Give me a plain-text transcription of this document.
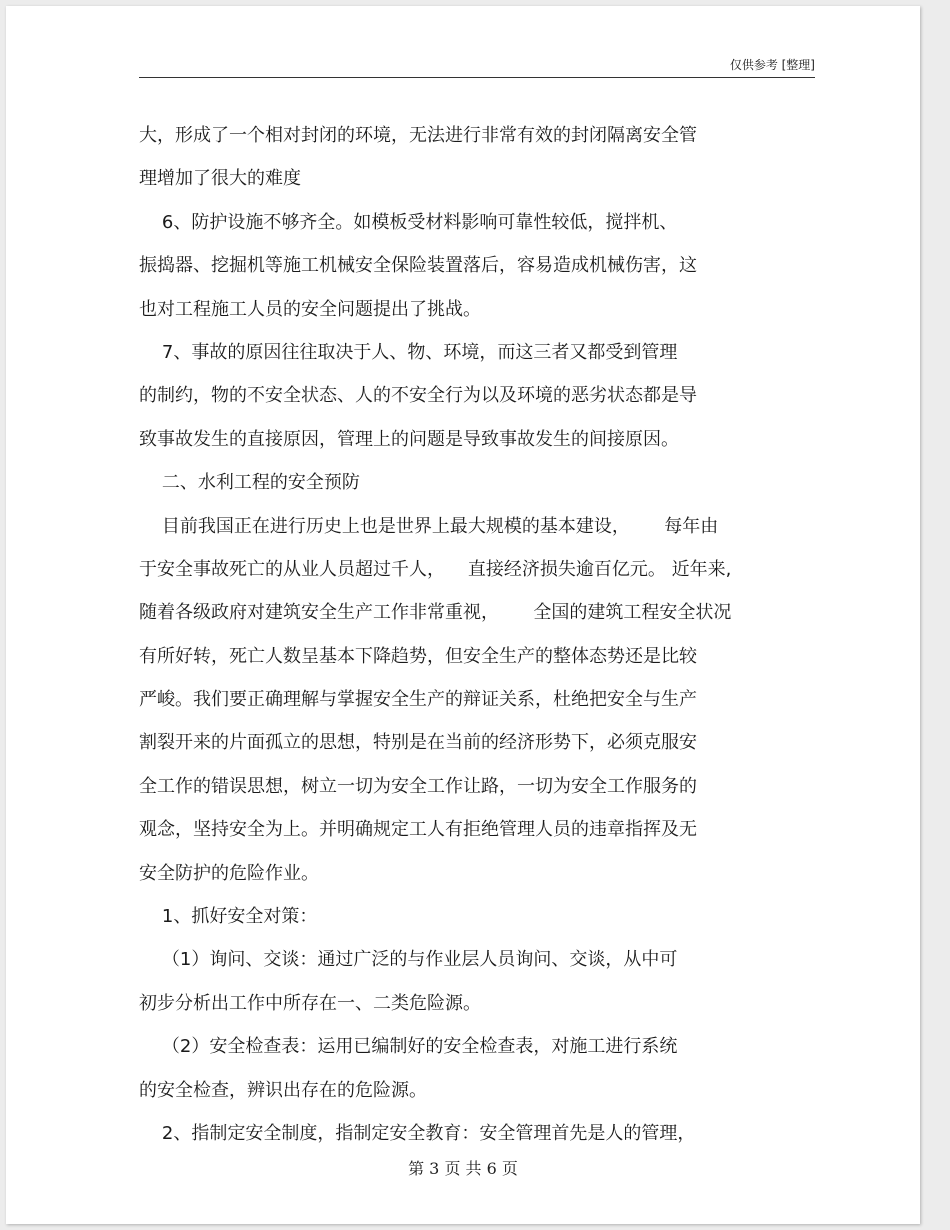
仅供参考 [整理]
大，形成了一个相对封闭的环境，无法进行非常有效的封闭隔离安全管
理增加了很大的难度
6、防护设施不够齐全。如模板受材料影响可靠性较低，搅拌机、
振捣器、挖掘机等施工机械安全保险装置落后，容易造成机械伤害，这
也对工程施工人员的安全问题提出了挑战。
7、事故的原因往往取决于人、物、环境，而这三者又都受到管理
的制约，物的不安全状态、人的不安全行为以及环境的恶劣状态都是导
致事故发生的直接原因，管理上的问题是导致事故发生的间接原因。
二、水利工程的安全预防
目前我国正在进行历史上也是世界上最大规模的基本建设，      每年由
于安全事故死亡的从业人员超过千人，    直接经济损失逾百亿元。 近年来,
随着各级政府对建筑安全生产工作非常重视，      全国的建筑工程安全状况
有所好转，死亡人数呈基本下降趋势，但安全生产的整体态势还是比较
严峻。我们要正确理解与掌握安全生产的辩证关系，杜绝把安全与生产
割裂开来的片面孤立的思想，特别是在当前的经济形势下，必须克服安
全工作的错误思想，树立一切为安全工作让路，一切为安全工作服务的
观念，坚持安全为上。并明确规定工人有拒绝管理人员的违章指挥及无
安全防护的危险作业。
1、抓好安全对策：
（1）询问、交谈：通过广泛的与作业层人员询问、交谈，从中可
初步分析出工作中所存在一、二类危险源。
（2）安全检查表：运用已编制好的安全检查表，对施工进行系统
的安全检查，辨识出存在的危险源。
2、指制定安全制度，指制定安全教育：安全管理首先是人的管理，
第 3 页 共 6 页
